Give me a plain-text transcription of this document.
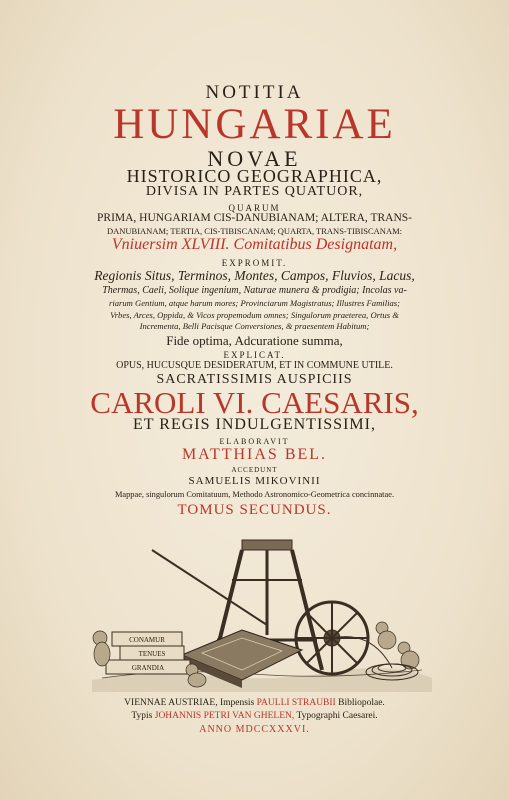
NOTITIA
HUNGARIAE
NOVAE
HISTORICO GEOGRAPHICA,
DIVISA IN PARTES QUATUOR,
QUARUM
PRIMA, HUNGARIAM CIS-DANUBIANAM; ALTERA, TRANS-
DANUBIANAM; TERTIA, CIS-TIBISCANAM; QUARTA, TRANS-TIBISCANAM:
Vniuersim XLVIII. Comitatibus Designatam,
EXPROMIT.
Regionis Situs, Terminos, Montes, Campos, Fluvios, Lacus,
Thermas, Caeli, Solique ingenium, Naturae munera & prodigia; Incolas va-
riarum Gentium, atque harum mores; Provinciarum Magistratus; Illustres Familias;
Vrbes, Arces, Oppida, & Vicos propemodum omnes; Singulorum praeterea, Ortus &
Incrementa, Belli Pacisque Conversiones, & praesentem Habitum;
Fide optima, Adcuratione summa,
EXPLICAT.
OPUS, HUCUSQUE DESIDERATUM, ET IN COMMUNE UTILE.
SACRATISSIMIS AUSPICIIS
CAROLI VI. CAESARIS,
ET REGIS INDULGENTISSIMI,
ELABORAVIT
MATTHIAS BEL.
ACCEDUNT
SAMUELIS MIKOVINII
Mappae, singulorum Comitatuum, Methodo Astronomico-Geometrica concinnatae.
TOMUS SECUNDUS.
CONAMUR
TENUES
GRANDIA
VIENNAE AUSTRIAE, Impensis PAULLI STRAUBII Bibliopolae.
Typis JOHANNIS PETRI VAN GHELEN, Typographi Caesarei.
ANNO MDCCXXXVI.
